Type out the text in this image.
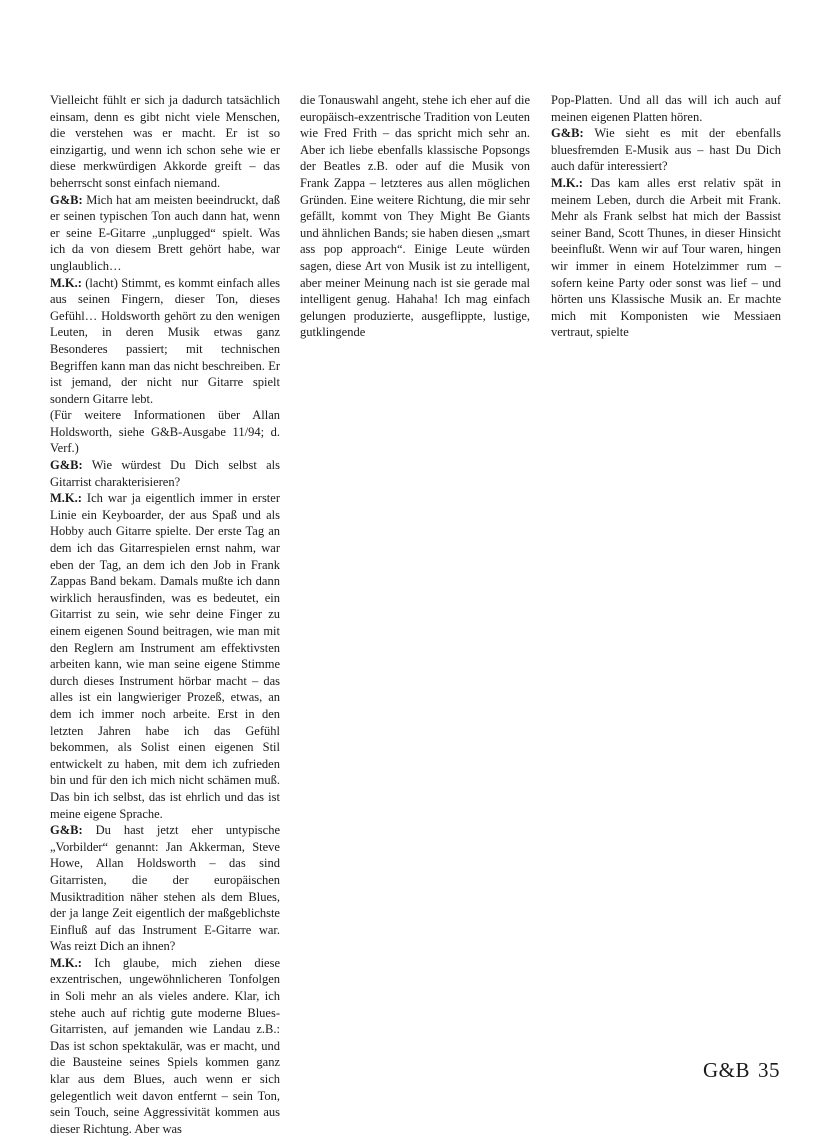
Vielleicht fühlt er sich ja dadurch tatsächlich einsam, denn es gibt nicht viele Menschen, die verstehen was er macht. Er ist so einzigartig, und wenn ich schon sehe wie er diese merkwürdigen Akkorde greift – das beherrscht sonst einfach niemand.

G&B: Mich hat am meisten beeindruckt, daß er seinen typischen Ton auch dann hat, wenn er seine E-Gitarre „unplugged“ spielt. Was ich da von diesem Brett gehört habe, war unglaublich…

M.K.: (lacht) Stimmt, es kommt einfach alles aus seinen Fingern, dieser Ton, dieses Gefühl… Holdsworth gehört zu den wenigen Leuten, in deren Musik etwas ganz Besonderes passiert; mit technischen Begriffen kann man das nicht beschreiben. Er ist jemand, der nicht nur Gitarre spielt sondern Gitarre lebt.

(Für weitere Informationen über Allan Holdsworth, siehe G&B-Ausgabe 11/94; d. Verf.)

G&B: Wie würdest Du Dich selbst als Gitarrist charakterisieren?

M.K.: Ich war ja eigentlich immer in erster Linie ein Keyboarder, der aus Spaß und als Hobby auch Gitarre spielte. Der erste Tag an dem ich das Gitarrespielen ernst nahm, war eben der Tag, an dem ich den Job in Frank Zappas Band bekam. Damals mußte ich dann wirklich herausfinden, was es bedeutet, ein Gitarrist zu sein, wie sehr deine Finger zu einem eigenen Sound beitragen, wie man mit den Reglern am Instrument am effektivsten arbeiten kann, wie man seine eigene Stimme durch dieses Instrument hörbar macht – das alles ist ein langwieriger Prozeß, etwas, an dem ich immer noch arbeite. Erst in den letzten Jahren habe ich das Gefühl bekommen, als Solist einen eigenen Stil entwickelt zu haben, mit dem ich zufrieden bin und für den ich mich nicht schämen muß. Das bin ich selbst, das ist ehrlich und das ist meine eigene Sprache.

G&B: Du hast jetzt eher untypische „Vorbilder“ genannt: Jan Akkerman, Steve Howe, Allan Holdsworth – das sind Gitarristen, die der europäischen Musiktradition näher stehen als dem Blues, der ja lange Zeit eigentlich der maßgeblichste Einfluß auf das Instrument E-Gitarre war. Was reizt Dich an ihnen?

M.K.: Ich glaube, mich ziehen diese exzentrischen, ungewöhnlicheren Tonfolgen in Soli mehr an als vieles andere. Klar, ich stehe auch auf richtig gute moderne Blues-Gitarristen, auf jemanden wie Landau z.B.: Das ist schon spektakulär, was er macht, und die Bausteine seines Spiels kommen ganz klar aus dem Blues, auch wenn er sich gelegentlich weit davon entfernt – sein Ton, sein Touch, seine Aggressivität kommen aus dieser Richtung. Aber was

die Tonauswahl angeht, stehe ich eher auf die europäisch-exzentrische Tradition von Leuten wie Fred Frith – das spricht mich sehr an. Aber ich liebe ebenfalls klassische Popsongs der Beatles z.B. oder auf die Musik von Frank Zappa – letzteres aus allen möglichen Gründen. Eine weitere Richtung, die mir sehr gefällt, kommt von They Might Be Giants und ähnlichen Bands; sie haben diesen „smart ass pop approach“. Einige Leute würden sagen, diese Art von Musik ist zu intelligent, aber meiner Meinung nach ist sie gerade mal intelligent genug. Hahaha! Ich mag einfach gelungen produzierte, ausgeflippte, lustige, gutklingende

Pop-Platten. Und all das will ich auch auf meinen eigenen Platten hören.

G&B: Wie sieht es mit der ebenfalls bluesfremden E-Musik aus – hast Du Dich auch dafür interessiert?

M.K.: Das kam alles erst relativ spät in meinem Leben, durch die Arbeit mit Frank. Mehr als Frank selbst hat mich der Bassist seiner Band, Scott Thunes, in dieser Hinsicht beeinflußt. Wenn wir auf Tour waren, hingen wir immer in einem Hotelzimmer rum – sofern keine Party oder sonst was lief – und hörten uns Klassische Musik an. Er machte mich mit Komponisten wie Messiaen vertraut, spielte

G&B 35
